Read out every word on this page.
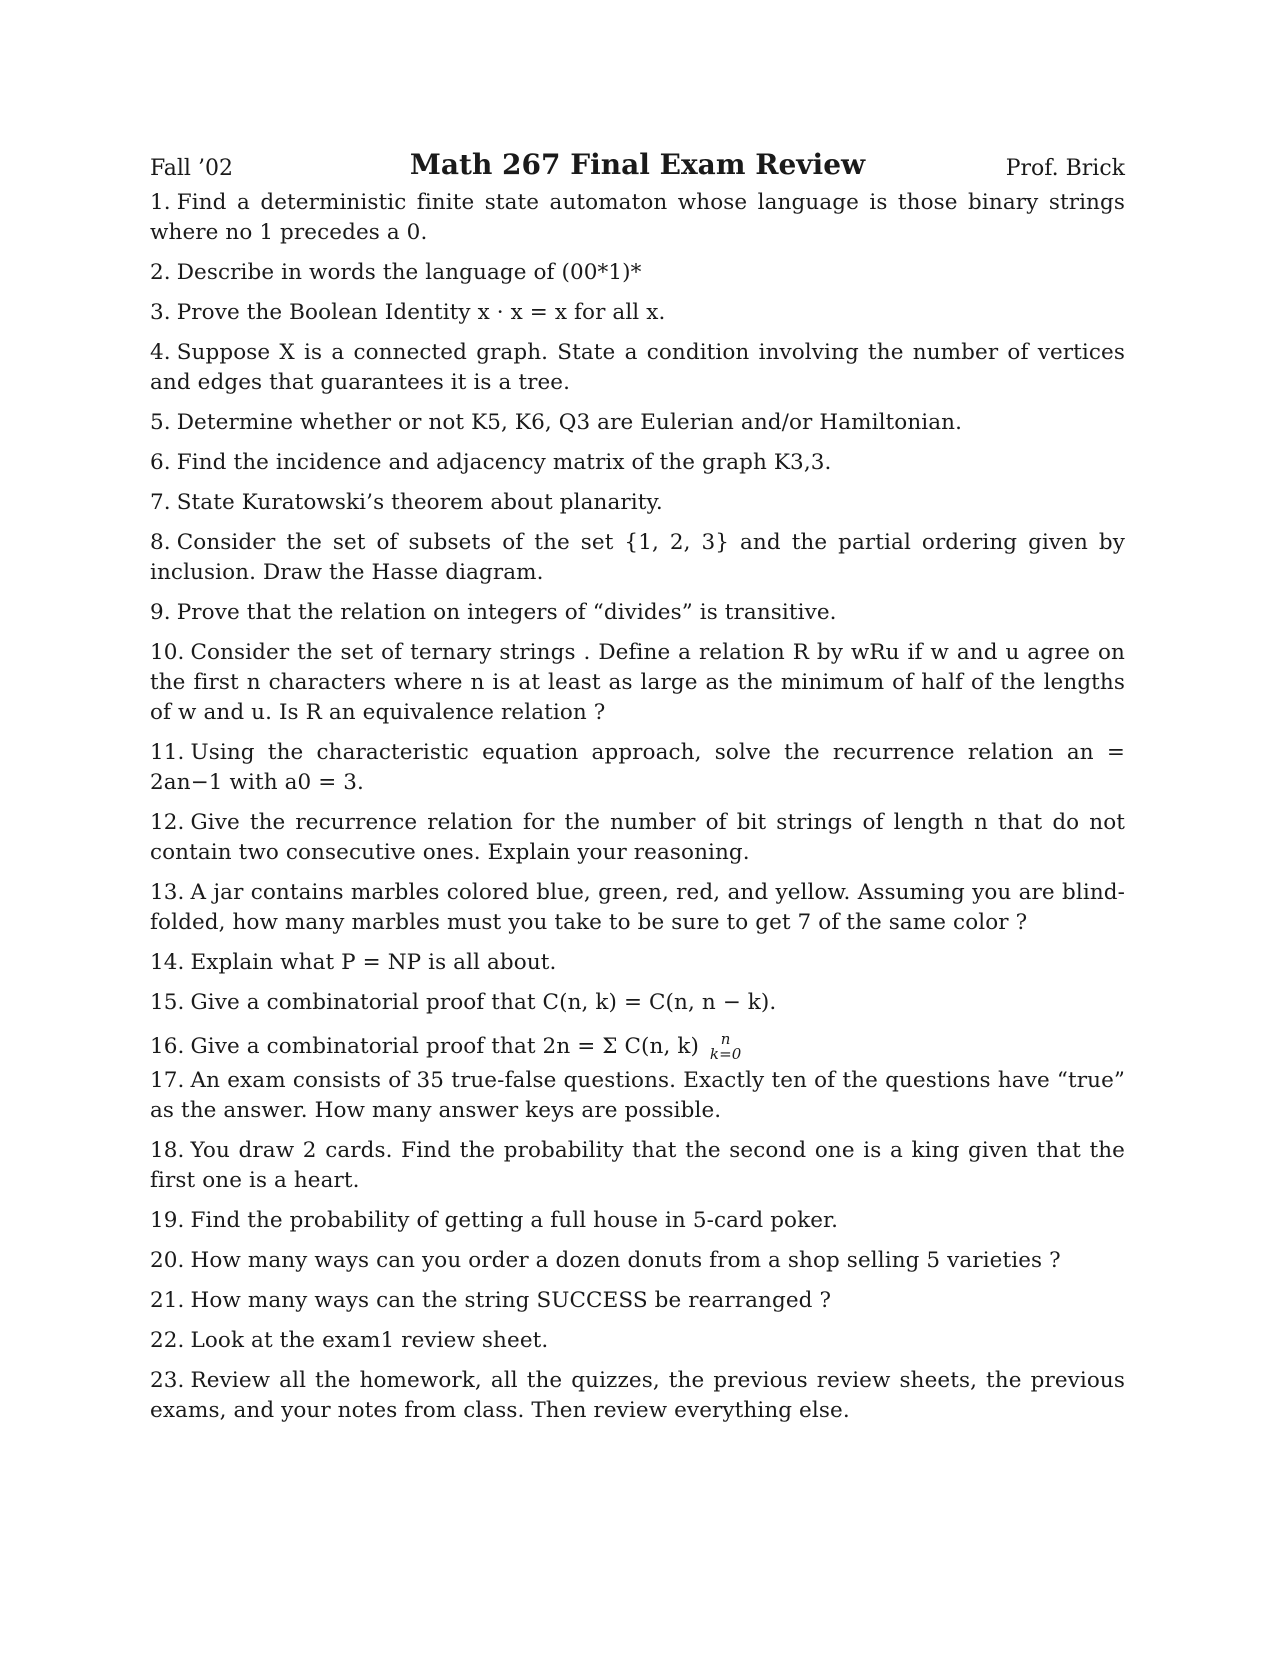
Fall ’02	Math 267 Final Exam Review	Prof. Brick
1. Find a deterministic finite state automaton whose language is those binary strings where no 1 precedes a 0.
2. Describe in words the language of (00*1)*
3. Prove the Boolean Identity x · x = x for all x.
4. Suppose X is a connected graph. State a condition involving the number of vertices and edges that guarantees it is a tree.
5. Determine whether or not K5, K6, Q3 are Eulerian and/or Hamiltonian.
6. Find the incidence and adjacency matrix of the graph K3,3.
7. State Kuratowski’s theorem about planarity.
8. Consider the set of subsets of the set {1, 2, 3} and the partial ordering given by inclusion. Draw the Hasse diagram.
9. Prove that the relation on integers of “divides” is transitive.
10. Consider the set of ternary strings . Define a relation R by wRu if w and u agree on the first n characters where n is at least as large as the minimum of half of the lengths of w and u. Is R an equivalence relation ?
11. Using the characteristic equation approach, solve the recurrence relation an = 2an−1 with a0 = 3.
12. Give the recurrence relation for the number of bit strings of length n that do not contain two consecutive ones. Explain your reasoning.
13. A jar contains marbles colored blue, green, red, and yellow. Assuming you are blind-folded, how many marbles must you take to be sure to get 7 of the same color ?
14. Explain what P = NP is all about.
15. Give a combinatorial proof that C(n, k) = C(n, n − k).
16. Give a combinatorial proof that 2n = Σ C(n, k)	n
k=0
17. An exam consists of 35 true-false questions. Exactly ten of the questions have “true” as the answer. How many answer keys are possible.
18. You draw 2 cards. Find the probability that the second one is a king given that the first one is a heart.
19. Find the probability of getting a full house in 5-card poker.
20. How many ways can you order a dozen donuts from a shop selling 5 varieties ?
21. How many ways can the string SUCCESS be rearranged ?
22. Look at the exam1 review sheet.
23. Review all the homework, all the quizzes, the previous review sheets, the previous exams, and your notes from class. Then review everything else.
